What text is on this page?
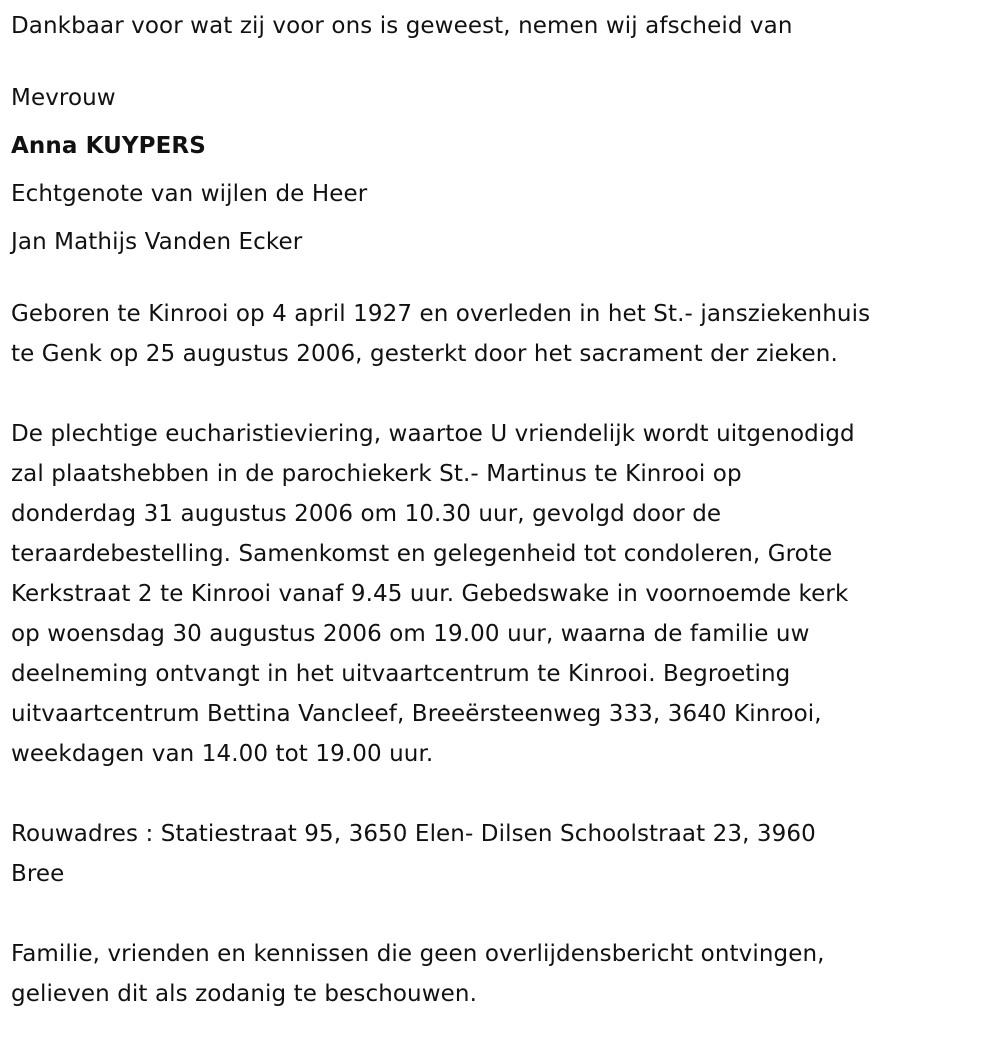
Dankbaar voor wat zij voor ons is geweest, nemen wij afscheid van
Mevrouw
Anna KUYPERS
Echtgenote van wijlen de Heer
Jan Mathijs Vanden Ecker
Geboren te Kinrooi op 4 april 1927 en overleden in het St.- jansziekenhuis
te Genk op 25 augustus 2006, gesterkt door het sacrament der zieken.
De plechtige eucharistieviering, waartoe U vriendelijk wordt uitgenodigd
zal plaatshebben in de parochiekerk St.- Martinus te Kinrooi op
donderdag 31 augustus 2006 om 10.30 uur, gevolgd door de
teraardebestelling. Samenkomst en gelegenheid tot condoleren, Grote
Kerkstraat 2 te Kinrooi vanaf 9.45 uur. Gebedswake in voornoemde kerk
op woensdag 30 augustus 2006 om 19.00 uur, waarna de familie uw
deelneming ontvangt in het uitvaartcentrum te Kinrooi. Begroeting
uitvaartcentrum Bettina Vancleef, Breeërsteenweg 333, 3640 Kinrooi,
weekdagen van 14.00 tot 19.00 uur.
Rouwadres : Statiestraat 95, 3650 Elen- Dilsen Schoolstraat 23, 3960
Bree
Familie, vrienden en kennissen die geen overlijdensbericht ontvingen,
gelieven dit als zodanig te beschouwen.
